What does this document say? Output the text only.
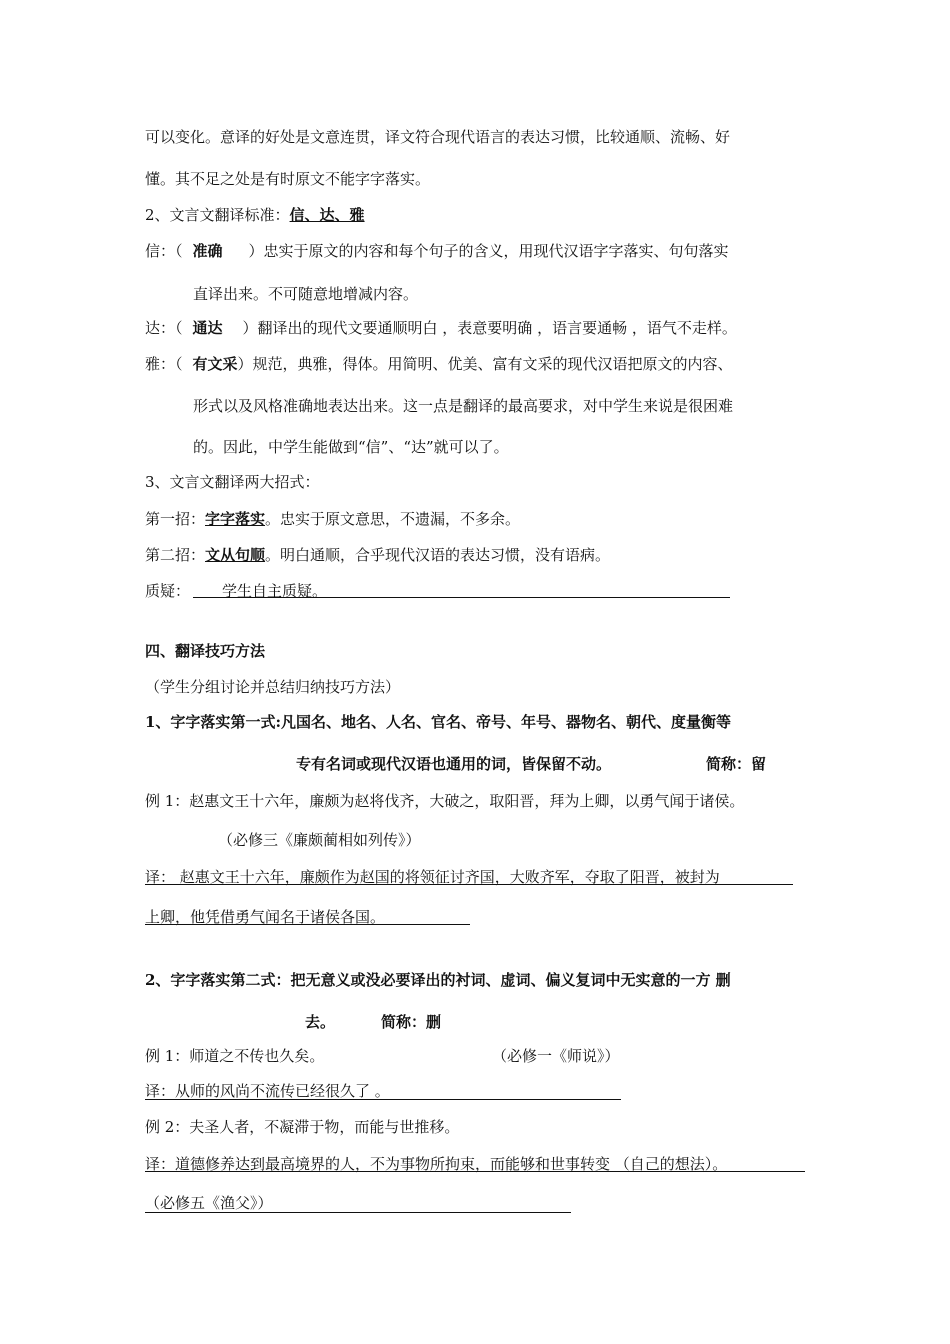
可以变化。意译的好处是文意连贯，译文符合现代语言的表达习惯，比较通顺、流畅、好
懂。其不足之处是有时原文不能字字落实。
2、文言文翻译标准：信、达、雅
信：（ 准确 ）忠实于原文的内容和每个句子的含义，用现代汉语字字落实、句句落实
直译出来。不可随意地增减内容。
达：（ 通达 ）翻译出的现代文要通顺明白 ，表意要明确 ，语言要通畅 ，语气不走样。
雅：（ 有文采）规范，典雅，得体。用简明、优美、富有文采的现代汉语把原文的内容、
形式以及风格准确地表达出来。这一点是翻译的最高要求，对中学生来说是很困难
的。因此，中学生能做到“信”、“达”就可以了。
3、文言文翻译两大招式：
第一招：字字落实。忠实于原文意思，不遗漏，不多余。
第二招：文从句顺。明白通顺，合乎现代汉语的表达习惯，没有语病。
质疑： 学生自主质疑。
四、翻译技巧方法
（学生分组讨论并总结归纳技巧方法）
1、字字落实第一式:凡国名、地名、人名、官名、帝号、年号、器物名、朝代、度量衡等
专有名词或现代汉语也通用的词，皆保留不动。	简称：留
例 1：赵惠文王十六年，廉颇为赵将伐齐，大破之，取阳晋，拜为上卿，以勇气闻于诸侯。
（必修三《廉颇蔺相如列传》）
译： 赵惠文王十六年，廉颇作为赵国的将领征讨齐国，大败齐军，夺取了阳晋，被封为
上卿，他凭借勇气闻名于诸侯各国。
2、字字落实第二式：把无意义或没必要译出的衬词、虚词、偏义复词中无实意的一方 删
去。	简称：删
例 1：师道之不传也久矣。	（必修一《师说》）
译：从师的风尚不流传已经很久了 。
例 2：夫圣人者，不凝滞于物，而能与世推移。
译：道德修养达到最高境界的人，不为事物所拘束，而能够和世事转变 （自己的想法）。
（必修五《渔父》）
